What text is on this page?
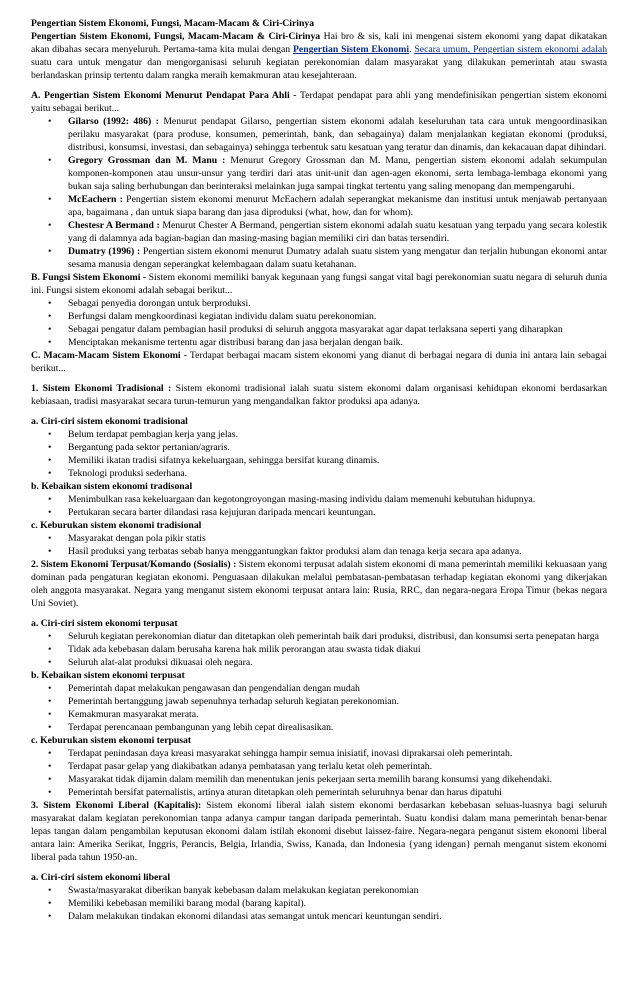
Pengertian Sistem Ekonomi, Fungsi, Macam-Macam & Ciri-Cirinya

Pengertian Sistem Ekonomi, Fungsi, Macam-Macam & Ciri-Cirinya Hai bro & sis, kali ini mengenai sistem ekonomi yang dapat dikatakan akan dibahas secara menyeluruh. Pertama-tama kita mulai dengan Pengertian Sistem Ekonomi. Secara umum, Pengertian sistem ekonomi adalah suatu cara untuk mengatur dan mengorganisasi seluruh kegiatan perekonomian dalam masyarakat yang dilakukan pemerintah atau swasta berlandaskan prinsip tertentu dalam rangka meraih kemakmuran atau kesejahteraan.

A. Pengertian Sistem Ekonomi Menurut Pendapat Para Ahli - Terdapat pendapat para ahli yang mendefinisikan pengertian sistem ekonomi yaitu sebagai berikut...

• Gilarso (1992: 486) : Menurut pendapat Gilarso, pengertian sistem ekonomi adalah keseluruhan tata cara untuk mengoordinasikan perilaku masyarakat (para produse, konsumen, pemerintah, bank, dan sebagainya) dalam menjalankan kegiatan ekonomi (produksi, distribusi, konsumsi, investasi, dan sebagainya) sehingga terbentuk satu kesatuan yang teratur dan dinamis, dan kekacauan dapat dihindari.
• Gregory Grossman dan M. Manu : Menurut Gregory Grossman dan M. Manu, pengertian sistem ekonomi adalah sekumpulan komponen-komponen atau unsur-unsur yang terdiri dari atas unit-unit dan agen-agen ekonomi, serta lembaga-lembaga ekonomi yang bukan saja saling berhubungan dan berinteraksi melainkan juga sampai tingkat tertentu yang saling menopang dan mempengaruhi.
• McEachern : Pengertian sistem ekonomi menurut McEachern adalah seperangkat mekanisme dan institusi untuk menjawab pertanyaan apa, bagaimana , dan untuk siapa barang dan jasa diproduksi (what, how, dan for whom).
• Chestesr A Bermand : Menurut Chester A Bermand, pengertian sistem ekonomi adalah suatu kesatuan yang terpadu yang secara kolestik yang di dalamnya ada bagian-bagian dan masing-masing bagian memiliki ciri dan batas tersendiri.
• Dumatry (1996) : Pengertian sistem ekonomi menurut Dumatry adalah suatu sistem yang mengatur dan terjalin hubungan ekonomi antar sesama manusia dengan seperangkat kelembagaan dalam suatu ketahanan.

B. Fungsi Sistem Ekonomi - Sistem ekonomi memiliki banyak kegunaan yang fungsi sangat vital bagi perekonomian suatu negara di seluruh dunia ini. Fungsi sistem ekonomi adalah sebagai berikut...

• Sebagai penyedia dorongan untuk berproduksi.
• Berfungsi dalam mengkoordinasi kegiatan individu dalam suatu perekonomian.
• Sebagai pengatur dalam pembagian hasil produksi di seluruh anggota masyarakat agar dapat terlaksana seperti yang diharapkan
• Menciptakan mekanisme tertentu agar distribusi barang dan jasa berjalan dengan baik.

C. Macam-Macam Sistem Ekonomi - Terdapat berbagai macam sistem ekonomi yang dianut di berbagai negara di dunia ini antara lain sebagai berikut...

1. Sistem Ekonomi Tradisional : Sistem ekonomi tradisional ialah suatu sistem ekonomi dalam organisasi kehidupan ekonomi berdasarkan kebiasaan, tradisi masyarakat secara turun-temurun yang mengandalkan faktor produksi apa adanya.

a. Ciri-ciri sistem ekonomi tradisional

• Belum terdapat pembagian kerja yang jelas.
• Bergantung pada sektor pertanian/agraris.
• Memiliki ikatan tradisi sifatnya kekeluargaan, sehingga bersifat kurang dinamis.
• Teknologi produksi sederhana.

b. Kebaikan sistem ekonomi tradisonal

• Menimbulkan rasa kekeluargaan dan kegotongroyongan masing-masing individu dalam memenuhi kebutuhan hidupnya.
• Pertukaran secara barter dilandasi rasa kejujuran daripada mencari keuntungan.

c. Keburukan sistem ekonomi tradisional

• Masyarakat dengan pola pikir statis
• Hasil produksi yang terbatas sebab hanya menggantungkan faktor produksi alam dan tenaga kerja secara apa adanya.

2. Sistem Ekonomi Terpusat/Komando (Sosialis) : Sistem ekonomi terpusat adalah sistem ekonomi di mana pemerintah memiliki kekuasaan yang dominan pada pengaturan kegiatan ekonomi. Penguasaan dilakukan melalui pembatasan-pembatasan terhadap kegiatan ekonomi yang dikerjakan oleh anggota masyarakat. Negara yang menganut sistem ekonomi terpusat antara lain: Rusia, RRC, dan negara-negara Eropa Timur (bekas negara Uni Soviet).

a. Ciri-ciri sistem ekonomi terpusat

• Seluruh kegiatan perekonomian diatur dan ditetapkan oleh pemerintah baik dari produksi, distribusi, dan konsumsi serta penepatan harga
• Tidak ada kebebasan dalam berusaha karena hak milik perorangan atau swasta tidak diakui
• Seluruh alat-alat produksi dikuasai oleh negara.

b. Kebaikan sistem ekonomi terpusat

• Pemerintah dapat melakukan pengawasan dan pengendalian dengan mudah
• Pemerintah bertanggung jawab sepenuhnya terhadap seluruh kegiatan perekonomian.
• Kemakmuran masyarakat merata.
• Terdapat perencanaan pembangunan yang lebih cepat direalisasikan.

c. Keburukan sistem ekonomi terpusat

• Terdapat penindasan daya kreasi masyarakat sehingga hampir semua inisiatif, inovasi diprakarsai oleh pemerintah.
• Terdapat pasar gelap yang diakibatkan adanya pembatasan yang terlalu ketat oleh pemerintah.
• Masyarakat tidak dijamin dalam memilih dan menentukan jenis pekerjaan serta memilih barang konsumsi yang dikehendaki.
• Pemerintah bersifat paternalistis, artinya aturan ditetapkan oleh pemerintah seluruhnya benar dan harus dipatuhi

3. Sistem Ekonomi Liberal (Kapitalis): Sistem ekonomi liberal ialah sistem ekonomi berdasarkan kebebasan seluas-luasnya bagi seluruh masyarakat dalam kegiatan perekonomian tanpa adanya campur tangan daripada pemerintah. Suatu kondisi dalam mana pemerintah benar-benar lepas tangan dalam pengambilan keputusan ekonomi dalam istilah ekonomi disebut laissez-faire. Negara-negara penganut sistem ekonomi liberal antara lain: Amerika Serikat, Inggris, Perancis, Belgia, Irlandia, Swiss, Kanada, dan Indonesia {yang idengan} pernah menganut sistem ekonomi liberal pada tahun 1950-an.

a. Ciri-ciri sistem ekonomi liberal

• Swasta/masyarakat diberikan banyak kebebasan dalam melakukan kegiatan perekonomian
• Memiliki kebebasan memiliki barang modal (barang kapital).
• Dalam melakukan tindakan ekonomi dilandasi atas semangat untuk mencari keuntungan sendiri.
